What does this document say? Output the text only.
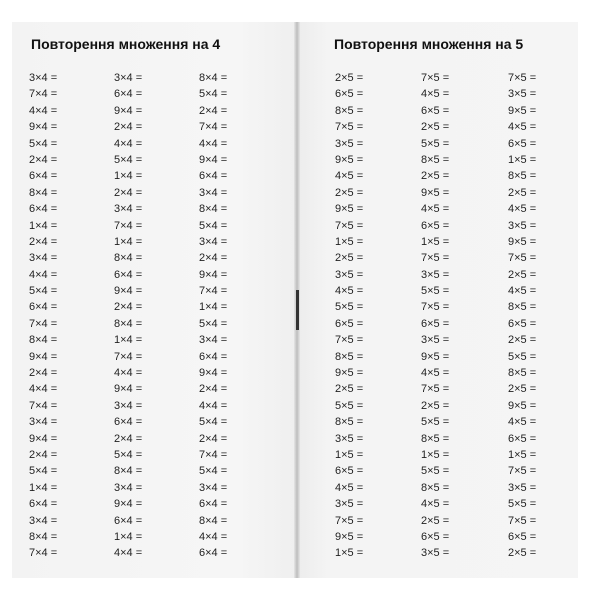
Повторення множення на 4
3×4 =
7×4 =
4×4 =
9×4 =
5×4 =
2×4 =
6×4 =
8×4 =
6×4 =
1×4 =
2×4 =
3×4 =
4×4 =
5×4 =
6×4 =
7×4 =
8×4 =
9×4 =
2×4 =
4×4 =
7×4 =
3×4 =
9×4 =
2×4 =
5×4 =
1×4 =
6×4 =
3×4 =
8×4 =
7×4 =
3×4 =
6×4 =
9×4 =
2×4 =
4×4 =
5×4 =
1×4 =
2×4 =
3×4 =
7×4 =
1×4 =
8×4 =
6×4 =
9×4 =
2×4 =
8×4 =
1×4 =
7×4 =
4×4 =
9×4 =
3×4 =
6×4 =
2×4 =
5×4 =
8×4 =
3×4 =
9×4 =
6×4 =
1×4 =
4×4 =
8×4 =
5×4 =
2×4 =
7×4 =
4×4 =
9×4 =
6×4 =
3×4 =
8×4 =
5×4 =
3×4 =
2×4 =
9×4 =
7×4 =
1×4 =
5×4 =
3×4 =
6×4 =
9×4 =
2×4 =
4×4 =
5×4 =
2×4 =
7×4 =
5×4 =
3×4 =
6×4 =
8×4 =
4×4 =
6×4 =
Повторення множення на 5
2×5 =
6×5 =
8×5 =
7×5 =
3×5 =
9×5 =
4×5 =
2×5 =
9×5 =
7×5 =
1×5 =
2×5 =
3×5 =
4×5 =
5×5 =
6×5 =
7×5 =
8×5 =
9×5 =
2×5 =
5×5 =
8×5 =
3×5 =
1×5 =
6×5 =
4×5 =
3×5 =
7×5 =
9×5 =
1×5 =
7×5 =
4×5 =
6×5 =
2×5 =
5×5 =
8×5 =
2×5 =
9×5 =
4×5 =
6×5 =
1×5 =
7×5 =
3×5 =
5×5 =
7×5 =
6×5 =
3×5 =
9×5 =
4×5 =
7×5 =
2×5 =
5×5 =
8×5 =
1×5 =
5×5 =
8×5 =
4×5 =
2×5 =
6×5 =
3×5 =
7×5 =
3×5 =
9×5 =
4×5 =
6×5 =
1×5 =
8×5 =
2×5 =
4×5 =
3×5 =
9×5 =
7×5 =
2×5 =
4×5 =
8×5 =
6×5 =
2×5 =
5×5 =
8×5 =
2×5 =
9×5 =
4×5 =
6×5 =
1×5 =
7×5 =
3×5 =
5×5 =
7×5 =
6×5 =
2×5 =
